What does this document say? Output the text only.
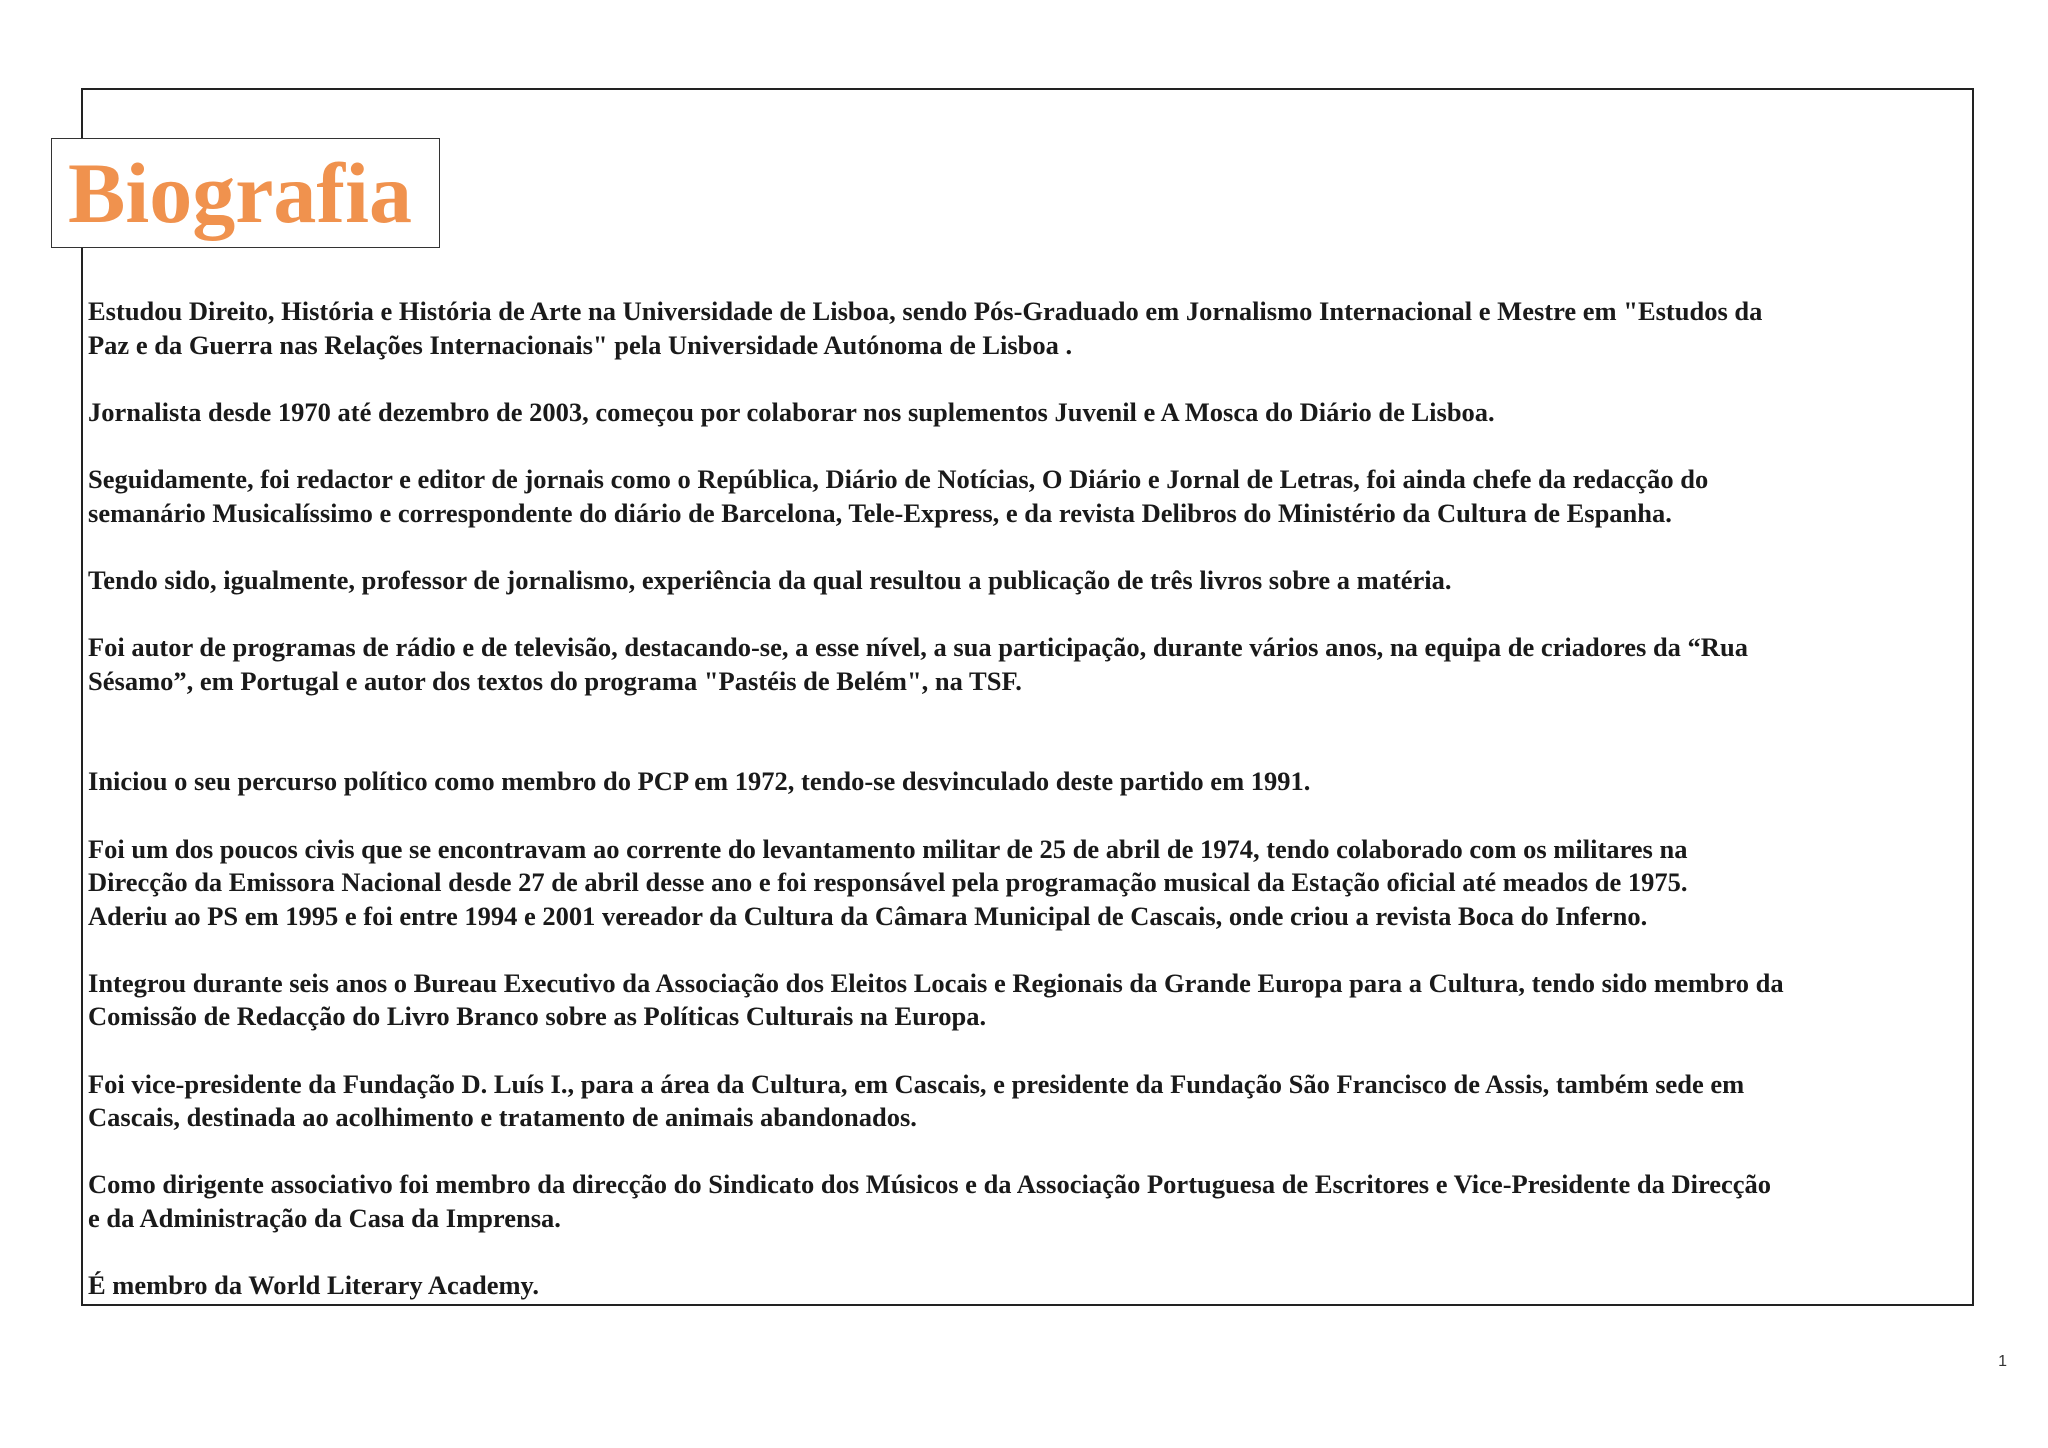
Biografia

Estudou Direito, História e História de Arte na Universidade de Lisboa, sendo Pós-Graduado em Jornalismo Internacional e Mestre em "Estudos da
Paz e da Guerra nas Relações Internacionais" pela Universidade Autónoma de Lisboa .

Jornalista desde 1970 até dezembro de 2003, começou por colaborar nos suplementos Juvenil e A Mosca do Diário de Lisboa.

Seguidamente, foi redactor e editor de jornais como o República, Diário de Notícias, O Diário e Jornal de Letras, foi ainda chefe da redacção do
semanário Musicalíssimo e correspondente do diário de Barcelona, Tele-Express, e da revista Delibros do Ministério da Cultura de Espanha.

Tendo sido, igualmente, professor de jornalismo, experiência da qual resultou a publicação de três livros sobre a matéria.

Foi autor de programas de rádio e de televisão, destacando-se, a esse nível, a sua participação, durante vários anos, na equipa de criadores da “Rua
Sésamo”, em Portugal e autor dos textos do programa "Pastéis de Belém", na TSF.

Iniciou o seu percurso político como membro do PCP em 1972, tendo-se desvinculado deste partido em 1991.

Foi um dos poucos civis que se encontravam ao corrente do levantamento militar de 25 de abril de 1974, tendo colaborado com os militares na
Direcção da Emissora Nacional desde 27 de abril desse ano e foi responsável pela programação musical da Estação oficial até meados de 1975.
Aderiu ao PS em 1995 e foi entre 1994 e 2001 vereador da Cultura da Câmara Municipal de Cascais, onde criou a revista Boca do Inferno.

Integrou durante seis anos o Bureau Executivo da Associação dos Eleitos Locais e Regionais da Grande Europa para a Cultura, tendo sido membro da
Comissão de Redacção do Livro Branco sobre as Políticas Culturais na Europa.

Foi vice-presidente da Fundação D. Luís I., para a área da Cultura, em Cascais, e presidente da Fundação São Francisco de Assis, também sede em
Cascais, destinada ao acolhimento e tratamento de animais abandonados.

Como dirigente associativo foi membro da direcção do Sindicato dos Músicos e da Associação Portuguesa de Escritores e Vice-Presidente da Direcção
e da Administração da Casa da Imprensa.

É membro da World Literary Academy.

1
